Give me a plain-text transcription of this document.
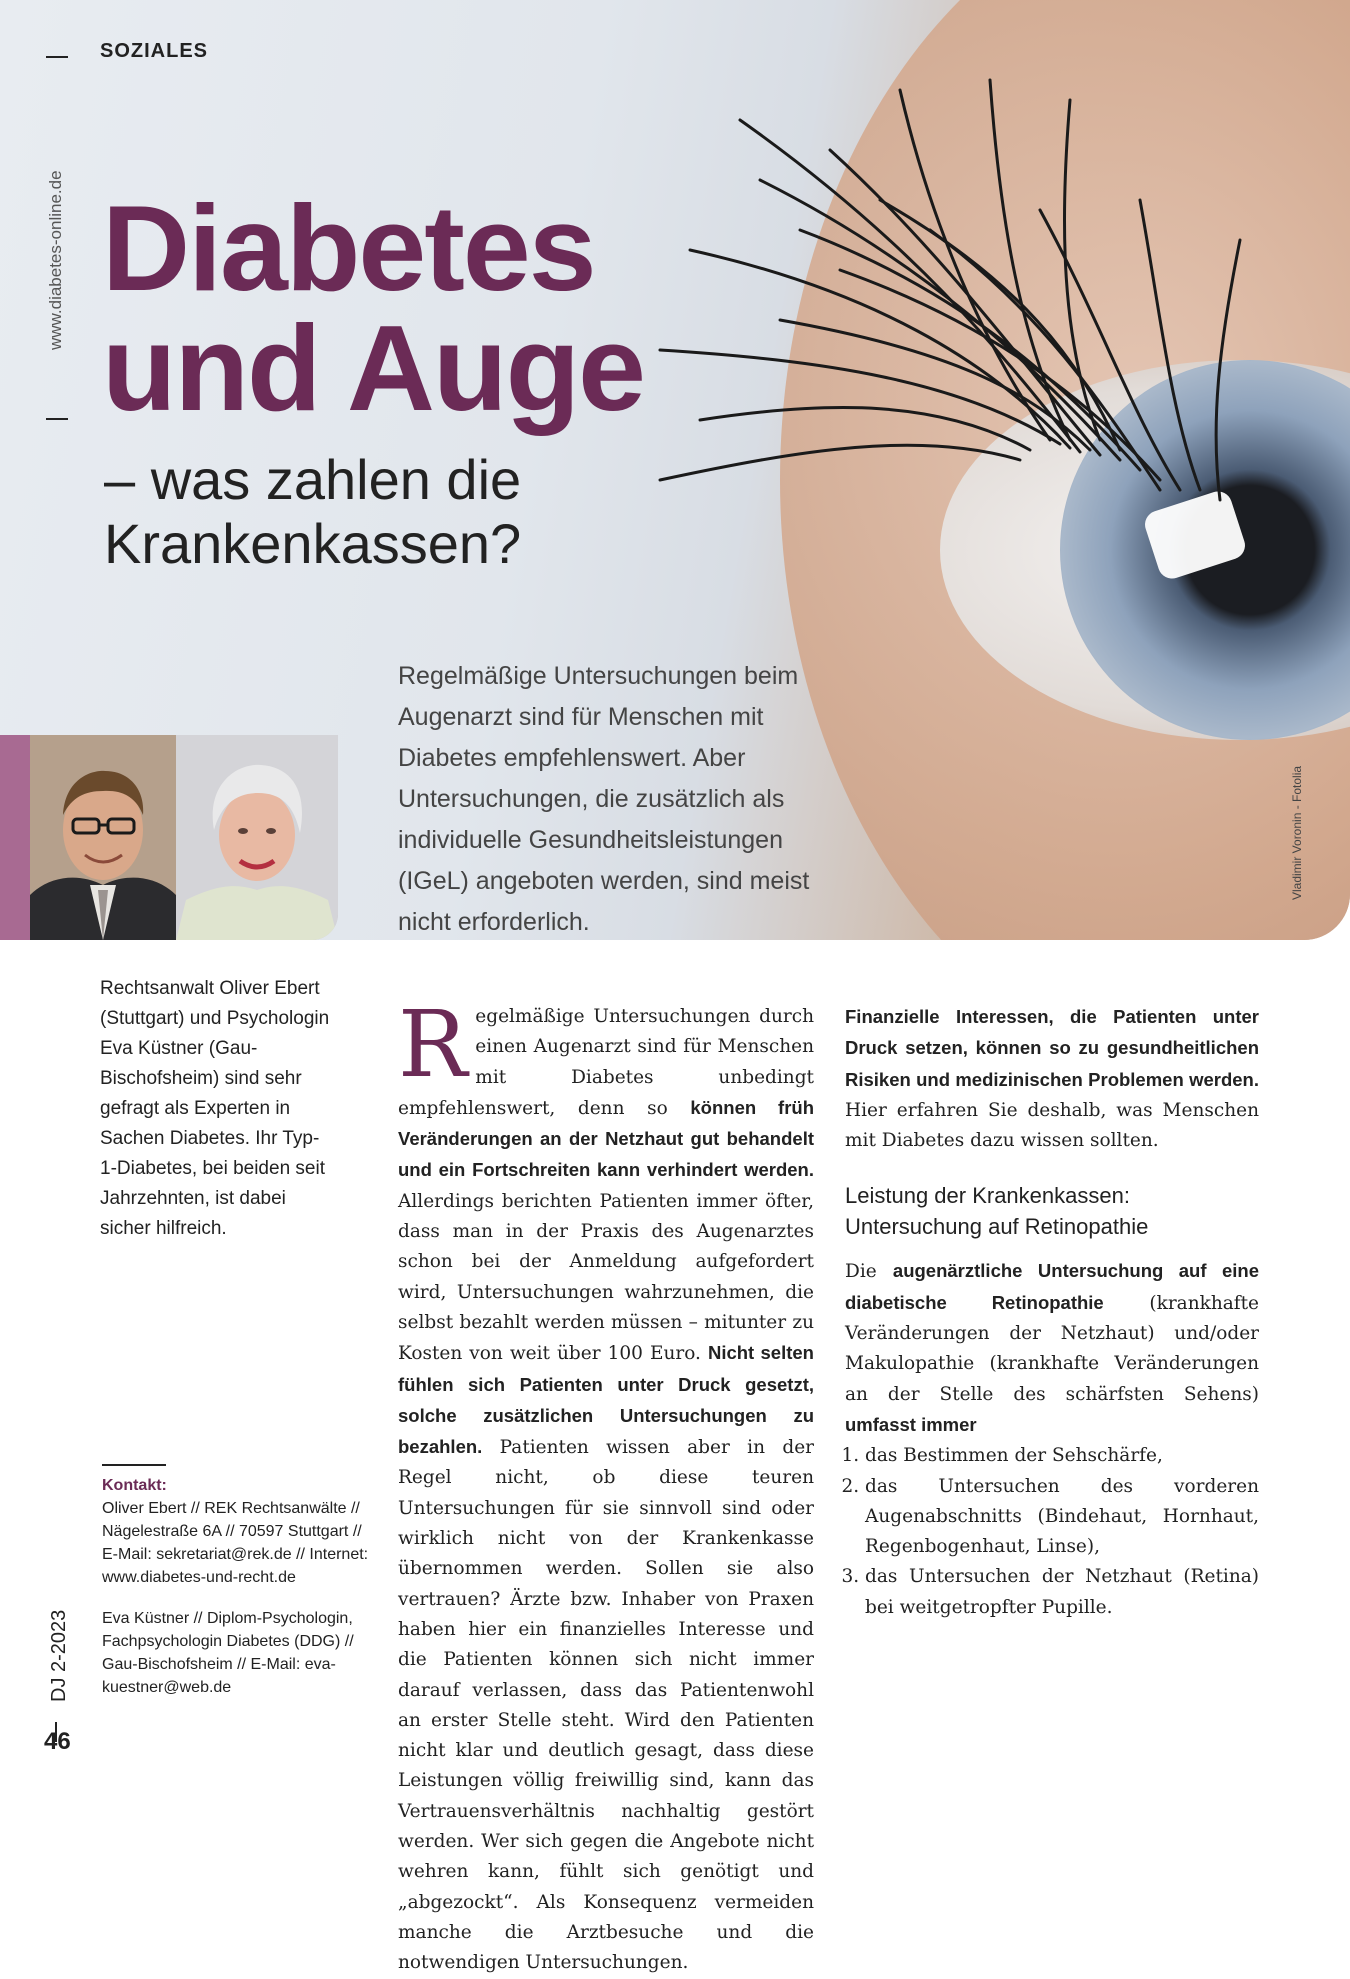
SOZIALES
www.diabetes-online.de Diabetes
und Auge
– was zahlen die
Krankenkassen?
Regelmäßige Untersuchungen beim Augenarzt sind für Menschen mit Diabetes empfehlenswert. Aber Untersuchungen, die zusätzlich als individuelle Gesundheitsleistungen (IGeL) angeboten werden, sind meist nicht erforderlich.
Vladimir Voronin - Fotolia
Rechtsanwalt Oliver Ebert (Stuttgart) und Psychologin Eva Küstner (Gau-Bischofsheim) sind sehr gefragt als Experten in Sachen Diabetes. Ihr Typ-1-Diabetes, bei beiden seit Jahrzehnten, ist dabei sicher hilfreich.
Kontakt:

Oliver Ebert // REK Rechtsanwälte // Nägelestraße 6A // 70597 Stuttgart // E-Mail: sekretariat@rek.de // Internet: www.diabetes-und-recht.de

Eva Küstner // Diplom-Psychologin, Fachpsychologin Diabetes (DDG) // Gau-Bischofsheim // E-Mail: eva-kuestner@web.de

DJ 2-2023
46

Regelmäßige Untersuchungen durch einen Augenarzt sind für Menschen mit Diabetes unbedingt empfehlenswert, denn so können früh Veränderungen an der Netzhaut gut behandelt und ein Fortschreiten kann verhindert werden. Allerdings berichten Patienten immer öfter, dass man in der Praxis des Augenarztes schon bei der Anmeldung aufgefordert wird, Untersuchungen wahrzunehmen, die selbst bezahlt werden müssen – mitunter zu Kosten von weit über 100 Euro. Nicht selten fühlen sich Patienten unter Druck gesetzt, solche zusätzlichen Untersuchungen zu bezahlen. Patienten wissen aber in der Regel nicht, ob diese teuren Untersuchungen für sie sinnvoll sind oder wirklich nicht von der Krankenkasse übernommen werden. Sollen sie also vertrauen? Ärzte bzw. Inhaber von Praxen haben hier ein finanzielles Interesse und die Patienten können sich nicht immer darauf verlassen, dass das Patientenwohl an erster Stelle steht. Wird den Patienten nicht klar und deutlich gesagt, dass diese Leistungen völlig freiwillig sind, kann das Vertrauensverhältnis nachhaltig gestört werden. Wer sich gegen die Angebote nicht wehren kann, fühlt sich genötigt und „abgezockt“. Als Konsequenz vermeiden manche die Arztbesuche und die notwendigen Untersuchungen.

Finanzielle Interessen, die Patienten unter Druck setzen, können so zu gesundheitlichen Risiken und medizinischen Problemen werden. Hier erfahren Sie deshalb, was Menschen mit Diabetes dazu wissen sollten.

Leistung der Krankenkassen: Untersuchung auf Retinopathie

Die augenärztliche Untersuchung auf eine diabetische Retinopathie (krankhafte Veränderungen der Netzhaut) und/oder Makulopathie (krankhafte Veränderungen an der Stelle des schärfsten Sehens) umfasst immer

1. das Bestimmen der Sehschärfe,
2. das Untersuchen des vorderen Augenabschnitts (Bindehaut, Hornhaut, Regenbogenhaut, Linse),
3. das Untersuchen der Netzhaut (Retina) bei weitgetropfter Pupille.
